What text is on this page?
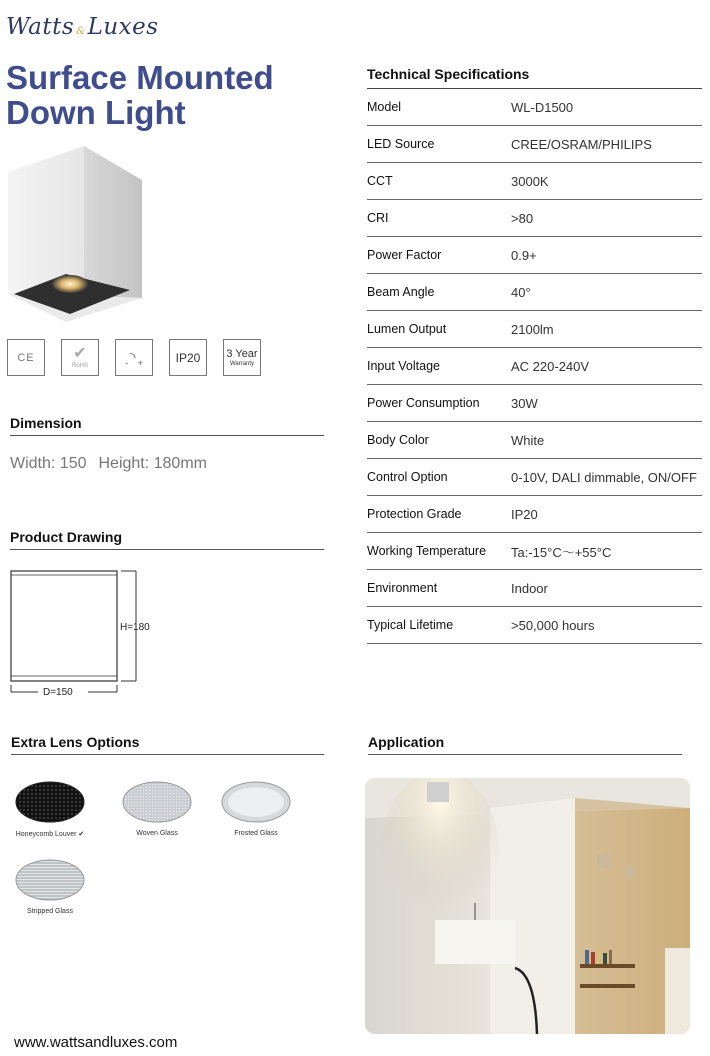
Watts &Luxes
Surface Mounted
Down Light
CE ✔
RoHS	- ◝ +	IP20 3 Year
Warranty
Dimension
Width: 150 Height: 180mm
Product Drawing
H=180
D=150
Technical Specifications
Model	WL-D1500
LED Source	CREE/OSRAM/PHILIPS
CCT	3000K
CRI	>80
Power Factor	0.9+
Beam Angle	40°
Lumen Output	2100lm
Input Voltage	AC 220-240V
Power Consumption	30W
Body Color	White
Control Option	0-10V, DALI dimmable, ON/OFF
Protection Grade	IP20
Working Temperature	Ta:-15°C～+55°C
Environment	Indoor
Typical Lifetime	>50,000 hours
Extra Lens Options
Honeycomb Louver ✔	Woven Glass	Frosted Glass
Stripped Glass
Application
www.wattsandluxes.com
